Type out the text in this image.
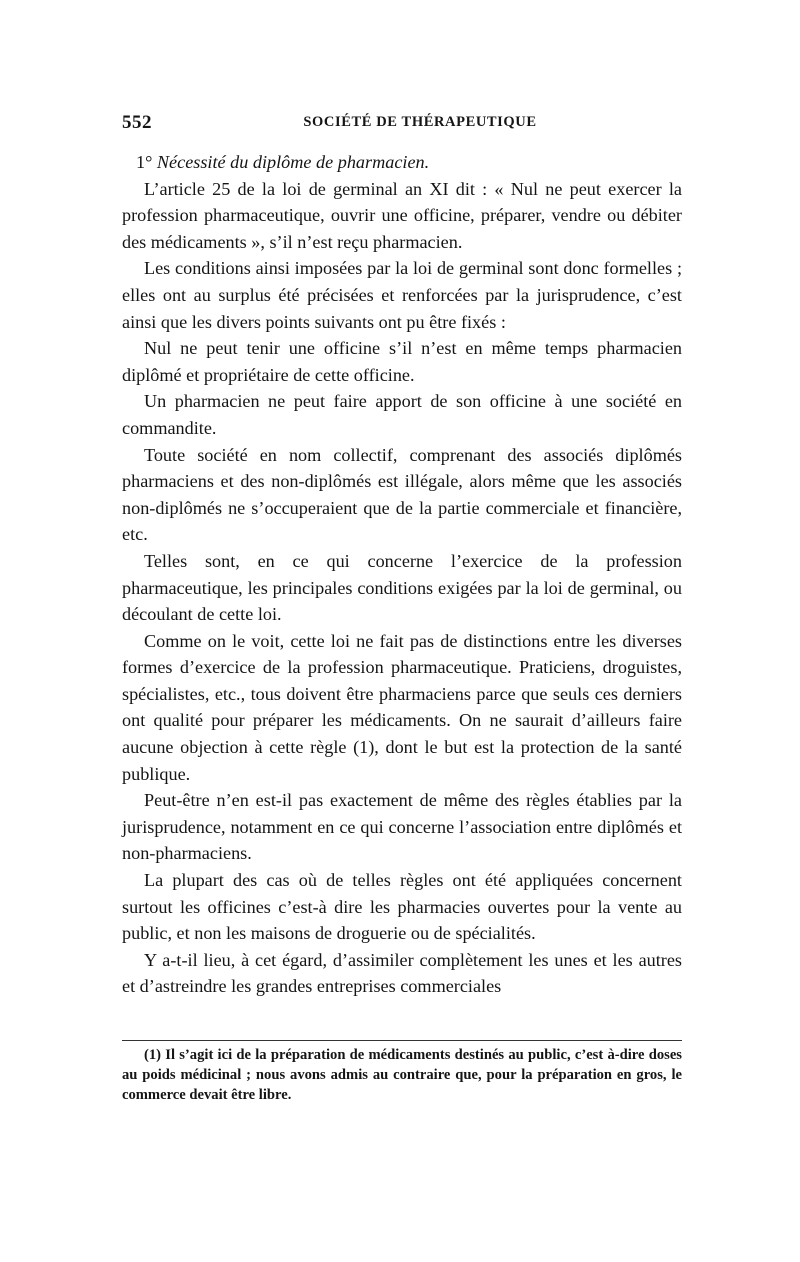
552	SOCIÉTÉ DE THÉRAPEUTIQUE

1° Nécessité du diplôme de pharmacien.

L’article 25 de la loi de germinal an XI dit : « Nul ne peut exercer la profession pharmaceutique, ouvrir une officine, préparer, vendre ou débiter des médicaments », s’il n’est reçu pharmacien.

Les conditions ainsi imposées par la loi de germinal sont donc formelles ; elles ont au surplus été précisées et renforcées par la jurisprudence, c’est ainsi que les divers points suivants ont pu être fixés :

Nul ne peut tenir une officine s’il n’est en même temps pharmacien diplômé et propriétaire de cette officine.

Un pharmacien ne peut faire apport de son officine à une société en commandite.

Toute société en nom collectif, comprenant des associés diplômés pharmaciens et des non-diplômés est illégale, alors même que les associés non-diplômés ne s’occuperaient que de la partie commerciale et financière, etc.

Telles sont, en ce qui concerne l’exercice de la profession pharmaceutique, les principales conditions exigées par la loi de germinal, ou découlant de cette loi.

Comme on le voit, cette loi ne fait pas de distinctions entre les diverses formes d’exercice de la profession pharmaceutique. Praticiens, droguistes, spécialistes, etc., tous doivent être pharmaciens parce que seuls ces derniers ont qualité pour préparer les médicaments. On ne saurait d’ailleurs faire aucune objection à cette règle (1), dont le but est la protection de la santé publique.

Peut-être n’en est-il pas exactement de même des règles établies par la jurisprudence, notamment en ce qui concerne l’association entre diplômés et non-pharmaciens.

La plupart des cas où de telles règles ont été appliquées concernent surtout les officines c’est-à dire les pharmacies ouvertes pour la vente au public, et non les maisons de droguerie ou de spécialités.

Y a-t-il lieu, à cet égard, d’assimiler complètement les unes et les autres et d’astreindre les grandes entreprises commerciales

(1) Il s’agit ici de la préparation de médicaments destinés au public, c’est à-dire doses au poids médicinal ; nous avons admis au contraire que, pour la préparation en gros, le commerce devait être libre.
